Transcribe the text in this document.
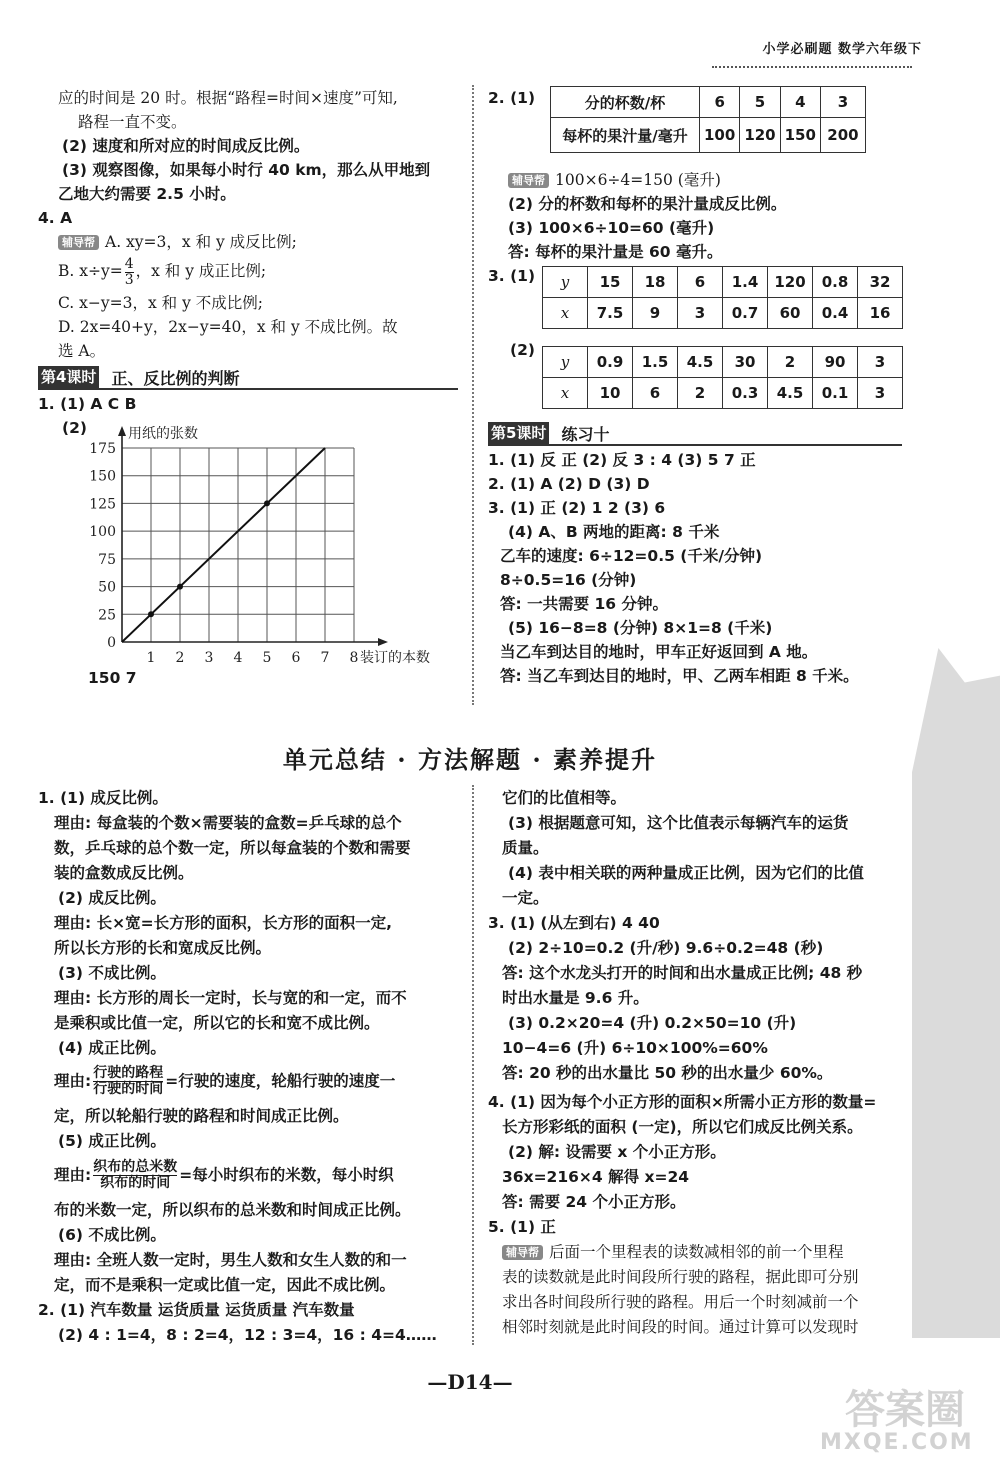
小学必刷题 数学六年级下
应的时间是 20 时。根据“路程=时间×速度”可知,
路程一直不变。
(2) 速度和所对应的时间成反比例。
(3) 观察图像，如果每小时行 40 km，那么从甲地到
乙地大约需要 2.5 小时。
4. A
辅导帮 A. xy=3，x 和 y 成反比例;
B. $x\div y= \frac{4}{3}$ ，x 和 y 成正比例;
C. x−y=3，x 和 y 不成比例;
D. 2x=40+y，2x−y=40，x 和 y 不成比例。故
选 A。
第4课时 正、反比例的判断
1. (1) A C B
(2)
0
25
50
75
100
125
150
175
1 2 3 4 5 6 7 8
用纸的张数
装订的本数
150 7
2. (1)	分的杯数/杯	6	5	4	3
每杯的果汁量/毫升	100	120	150	200
辅导帮 100×6÷4=150 (毫升)
(2) 分的杯数和每杯的果汁量成反比例。
(3) 100×6÷10=60 (毫升)
答: 每杯的果汁量是 60 毫升。
3. (1) y	15	18	6	1.4	120	0.8	32
x	7.5	9	3	0.7	60	0.4	16
(2)
y	0.9	1.5	4.5	30	2	90	3
x	10	6	2	0.3	4.5	0.1	3
第5课时 练习十
1. (1) 反 正 (2) 反 3 : 4 (3) 5 7 正
2. (1) A (2) D (3) D
3. (1) 正 (2) 1 2 (3) 6
(4) A、B 两地的距离: 8 千米
乙车的速度: 6÷12=0.5 (千米/分钟)
8÷0.5=16 (分钟)
答: 一共需要 16 分钟。
(5) 16−8=8 (分钟) 8×1=8 (千米)
当乙车到达目的地时，甲车正好返回到 A 地。
答: 当乙车到达目的地时，甲、乙两车相距 8 千米。
单元总结 · 方法解题 · 素养提升
1. (1) 成反比例。
理由: 每盒装的个数×需要装的盒数=乒乓球的总个
数，乒乓球的总个数一定，所以每盒装的个数和需要
装的盒数成反比例。
(2) 成反比例。
理由: 长×宽=长方形的面积，长方形的面积一定,
所以长方形的长和宽成反比例。
(3) 不成比例。
理由: 长方形的周长一定时，长与宽的和一定，而不
是乘积或比值一定，所以它的长和宽不成比例。
(4) 成正比例。
理由: $\frac{\text{行驶的路程}}{\text{行驶的时间}}$ =行驶的速度，轮船行驶的速度一
定，所以轮船行驶的路程和时间成正比例。
(5) 成正比例。
理由: $\frac{\text{织布的总米数}}{\text{织布的时间}}$ =每小时织布的米数，每小时织
布的米数一定，所以织布的总米数和时间成正比例。
(6) 不成比例。
理由: 全班人数一定时，男生人数和女生人数的和一
定，而不是乘积一定或比值一定，因此不成比例。
2. (1) 汽车数量 运货质量 运货质量 汽车数量
(2) 4 : 1=4，8 : 2=4，12 : 3=4，16 : 4=4……
它们的比值相等。
(3) 根据题意可知，这个比值表示每辆汽车的运货
质量。
(4) 表中相关联的两种量成正比例，因为它们的比值
一定。
3. (1) (从左到右) 4 40
(2) 2÷10=0.2 (升/秒) 9.6÷0.2=48 (秒)
答: 这个水龙头打开的时间和出水量成正比例; 48 秒
时出水量是 9.6 升。
(3) 0.2×20=4 (升) 0.2×50=10 (升)
10−4=6 (升) 6÷10×100%=60%
答: 20 秒的出水量比 50 秒的出水量少 60%。
4. (1) 因为每个小正方形的面积×所需小正方形的数量=
长方形彩纸的面积 (一定)，所以它们成反比例关系。
(2) 解: 设需要 x 个小正方形。
36x=216×4 解得 x=24
答: 需要 24 个小正方形。
5. (1) 正
辅导帮 后面一个里程表的读数减相邻的前一个里程
表的读数就是此时间段所行驶的路程，据此即可分别
求出各时间段所行驶的路程。用后一个时刻减前一个
相邻时刻就是此时间段的时间。通过计算可以发现时
—D14—
答案圈
MXQE.COM
